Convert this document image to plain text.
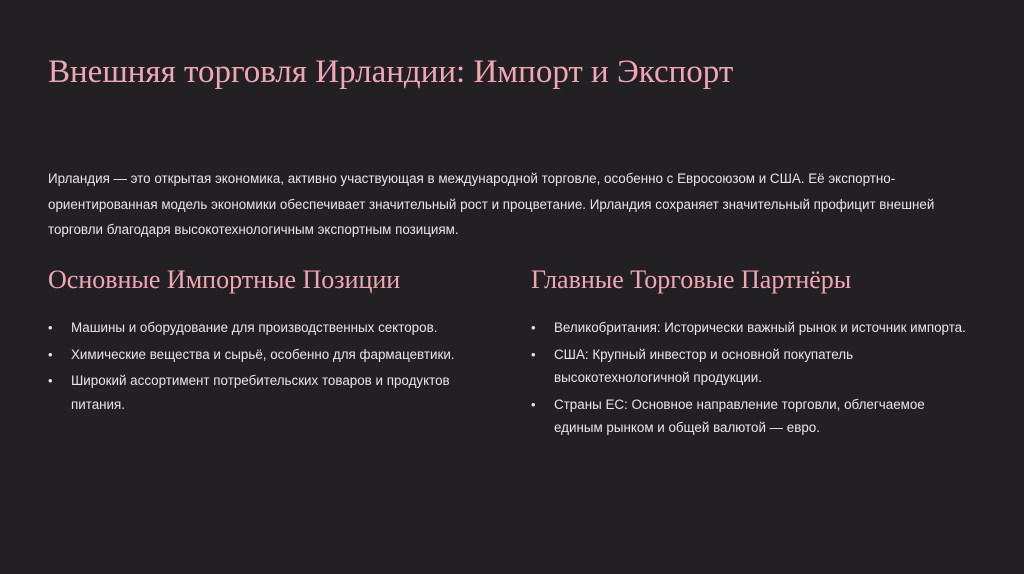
Внешняя торговля Ирландии: Импорт и Экспорт

Ирландия — это открытая экономика, активно участвующая в международной торговле, особенно с Евросоюзом и США. Её экспортно-ориентированная модель экономики обеспечивает значительный рост и процветание. Ирландия сохраняет значительный профицит внешней торговли благодаря высокотехнологичным экспортным позициям.

Основные Импортные Позиции
• Машины и оборудование для производственных секторов.
• Химические вещества и сырьё, особенно для фармацевтики.
• Широкий ассортимент потребительских товаров и продуктов питания.
Главные Торговые Партнёры
• Великобритания: Исторически важный рынок и источник импорта.
• США: Крупный инвестор и основной покупатель высокотехнологичной продукции.
• Страны ЕС: Основное направление торговли, облегчаемое единым рынком и общей валютой — евро.
